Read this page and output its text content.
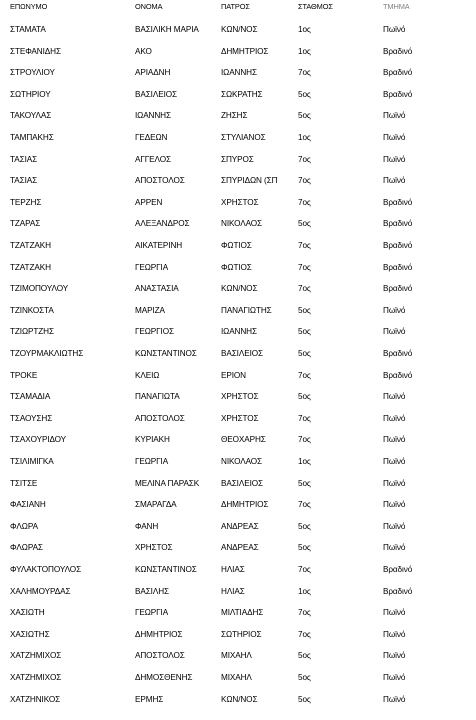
ΕΠΩΝΥΜΟ	ΟΝΟΜΑ	ΠΑΤΡΟΣ	ΣΤΑΘΜΟΣ	ΤΜΗΜΑ
ΣΤΑΜΑΤΑ	ΒΑΣΙΛΙΚΗ ΜΑΡΙΑ	ΚΩΝ/ΝΟΣ	1ος	Πωϊνό
ΣΤΕΦΑΝΙΔΗΣ	ΑΚΟ	ΔΗΜΗΤΡΙΟΣ	1ος	Βραδινό
ΣΤΡΟΥΛΙΟΥ	ΑΡΙΑΔΝΗ	ΙΩΑΝΝΗΣ	7ος	Βραδινό
ΣΩΤΗΡΙΟΥ	ΒΑΣΙΛΕΙΟΣ	ΣΩΚΡΑΤΗΣ	5ος	Βραδινό
ΤΑΚΟΥΛΑΣ	ΙΩΑΝΝΗΣ	ΖΗΣΗΣ	5ος	Πωϊνό
ΤΑΜΠΑΚΗΣ	ΓΕΔΕΩΝ	ΣΤΥΛΙΑΝΟΣ	1ος	Πωϊνό
ΤΑΣΙΑΣ	ΑΓΓΕΛΟΣ	ΣΠΥΡΟΣ	7ος	Πωϊνό
ΤΑΣΙΑΣ	ΑΠΟΣΤΟΛΟΣ	ΣΠΥΡΙΔΩΝ (ΣΠ	7ος	Πωϊνό
ΤΕΡΖΗΣ	ΑΡΡΕΝ	ΧΡΗΣΤΟΣ	7ος	Βραδινό
ΤΖΑΡΑΣ	ΑΛΕΞΑΝΔΡΟΣ	ΝΙΚΟΛΑΟΣ	5ος	Βραδινό
ΤΖΑΤΖΑΚΗ	ΑΙΚΑΤΕΡΙΝΗ	ΦΩΤΙΟΣ	7ος	Βραδινό
ΤΖΑΤΖΑΚΗ	ΓΕΩΡΓΙΑ	ΦΩΤΙΟΣ	7ος	Βραδινό
ΤΖΙΜΟΠΟΥΛΟΥ	ΑΝΑΣΤΑΣΙΑ	ΚΩΝ/ΝΟΣ	7ος	Βραδινό
ΤΖΙΝΚΟΣΤΑ	ΜΑΡΙΖΑ	ΠΑΝΑΓΙΩΤΗΣ	5ος	Πωϊνό
ΤΖΙΩΡΤΖΗΣ	ΓΕΩΡΓΙΟΣ	ΙΩΑΝΝΗΣ	5ος	Πωϊνό
ΤΖΟΥΡΜΑΚΛΙΩΤΗΣ	ΚΩΝΣΤΑΝΤΙΝΟΣ	ΒΑΣΙΛΕΙΟΣ	5ος	Βραδινό
ΤΡΟΚΕ	ΚΛΕΙΩ	ΕΡΙΟΝ	7ος	Βραδινό
ΤΣΑΜΑΔΙΑ	ΠΑΝΑΓΙΩΤΑ	ΧΡΗΣΤΟΣ	5ος	Πωϊνό
ΤΣΑΟΥΣΗΣ	ΑΠΟΣΤΟΛΟΣ	ΧΡΗΣΤΟΣ	7ος	Πωϊνό
ΤΣΑΧΟΥΡΙΔΟΥ	ΚΥΡΙΑΚΗ	ΘΕΟΧΑΡΗΣ	7ος	Πωϊνό
ΤΣΙΛΙΜΙΓΚΑ	ΓΕΩΡΓΙΑ	ΝΙΚΟΛΑΟΣ	1ος	Πωϊνό
ΤΣΙΤΣΕ	ΜΕΛΙΝΑ ΠΑΡΑΣΚ	ΒΑΣΙΛΕΙΟΣ	5ος	Πωϊνό
ΦΑΣΙΑΝΗ	ΣΜΑΡΑΓΔΑ	ΔΗΜΗΤΡΙΟΣ	7ος	Πωϊνό
ΦΛΩΡΑ	ΦΑΝΗ	ΑΝΔΡΕΑΣ	5ος	Πωϊνό
ΦΛΩΡΑΣ	ΧΡΗΣΤΟΣ	ΑΝΔΡΕΑΣ	5ος	Πωϊνό
ΦΥΛΑΚΤΟΠΟΥΛΟΣ	ΚΩΝΣΤΑΝΤΙΝΟΣ	ΗΛΙΑΣ	7ος	Βραδινό
ΧΑΛΗΜΟΥΡΔΑΣ	ΒΑΣΙΛΗΣ	ΗΛΙΑΣ	1ος	Βραδινό
ΧΑΣΙΩΤΗ	ΓΕΩΡΓΙΑ	ΜΙΛΤΙΑΔΗΣ	7ος	Πωϊνό
ΧΑΣΙΩΤΗΣ	ΔΗΜΗΤΡΙΟΣ	ΣΩΤΗΡΙΟΣ	7ος	Πωϊνό
ΧΑΤΖΗΜΙΧΟΣ	ΑΠΟΣΤΟΛΟΣ	ΜΙΧΑΗΛ	5ος	Πωϊνό
ΧΑΤΖΗΜΙΧΟΣ	ΔΗΜΟΣΘΕΝΗΣ	ΜΙΧΑΗΛ	5ος	Πωϊνό
ΧΑΤΖΗΝΙΚΟΣ	ΕΡΜΗΣ	ΚΩΝ/ΝΟΣ	5ος	Πωϊνό
